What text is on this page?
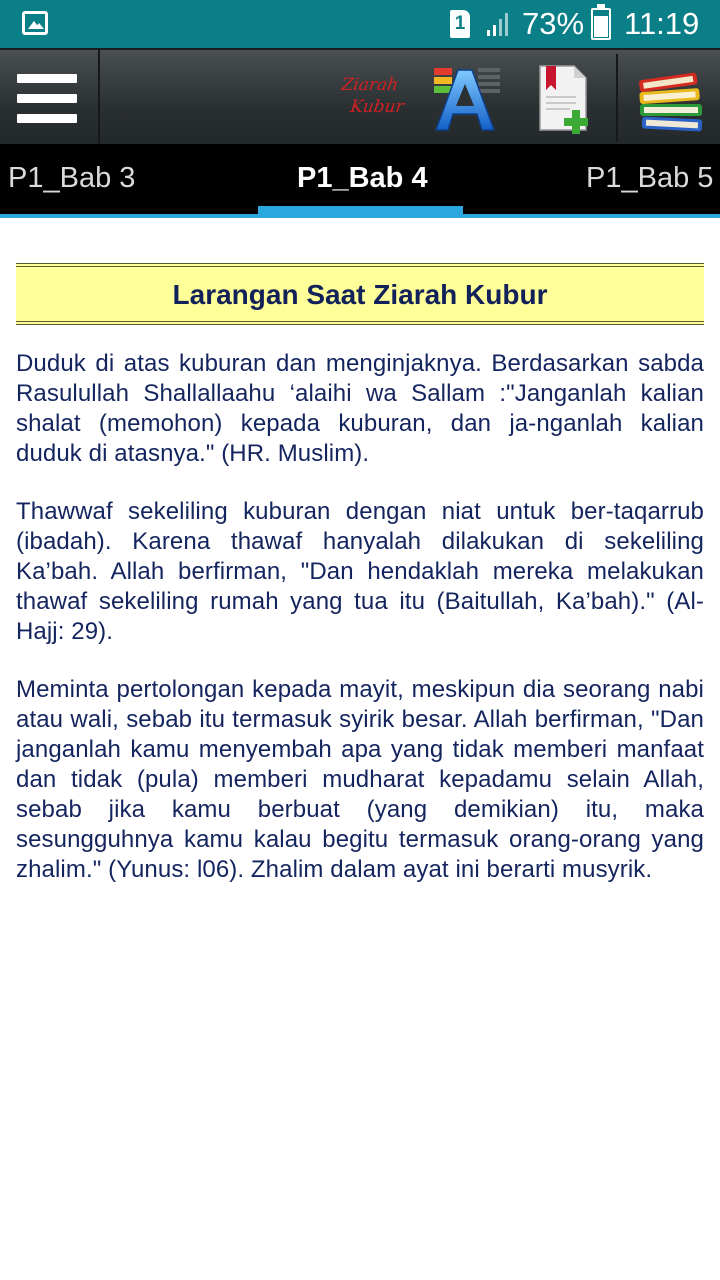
1 73% 11:19
Ziarah
Kubur
P1_Bab 3	P1_Bab 4	P1_Bab 5
Larangan Saat Ziarah Kubur

Duduk di atas kuburan dan menginjaknya. Berdasarkan sabda Rasulullah Shallallaahu ‘alaihi wa Sallam :"Janganlah kalian shalat (memohon) kepada kuburan, dan ja-nganlah kalian duduk di atasnya." (HR. Muslim).

Thawwaf sekeliling kuburan dengan niat untuk ber-taqarrub (ibadah). Karena thawaf hanyalah dilakukan di sekeliling Ka’bah. Allah berfirman, "Dan hendaklah mereka melakukan thawaf sekeliling rumah yang tua itu (Baitullah, Ka’bah)." (Al-Hajj: 29).

Meminta pertolongan kepada mayit, meskipun dia seorang nabi atau wali, sebab itu termasuk syirik besar. Allah berfirman, "Dan janganlah kamu menyembah apa yang tidak memberi manfaat dan tidak (pula) memberi mudharat kepadamu selain Allah, sebab jika kamu berbuat (yang demikian) itu, maka sesungguhnya kamu kalau begitu termasuk orang-orang yang zhalim." (Yunus: l06). Zhalim dalam ayat ini berarti musyrik.
